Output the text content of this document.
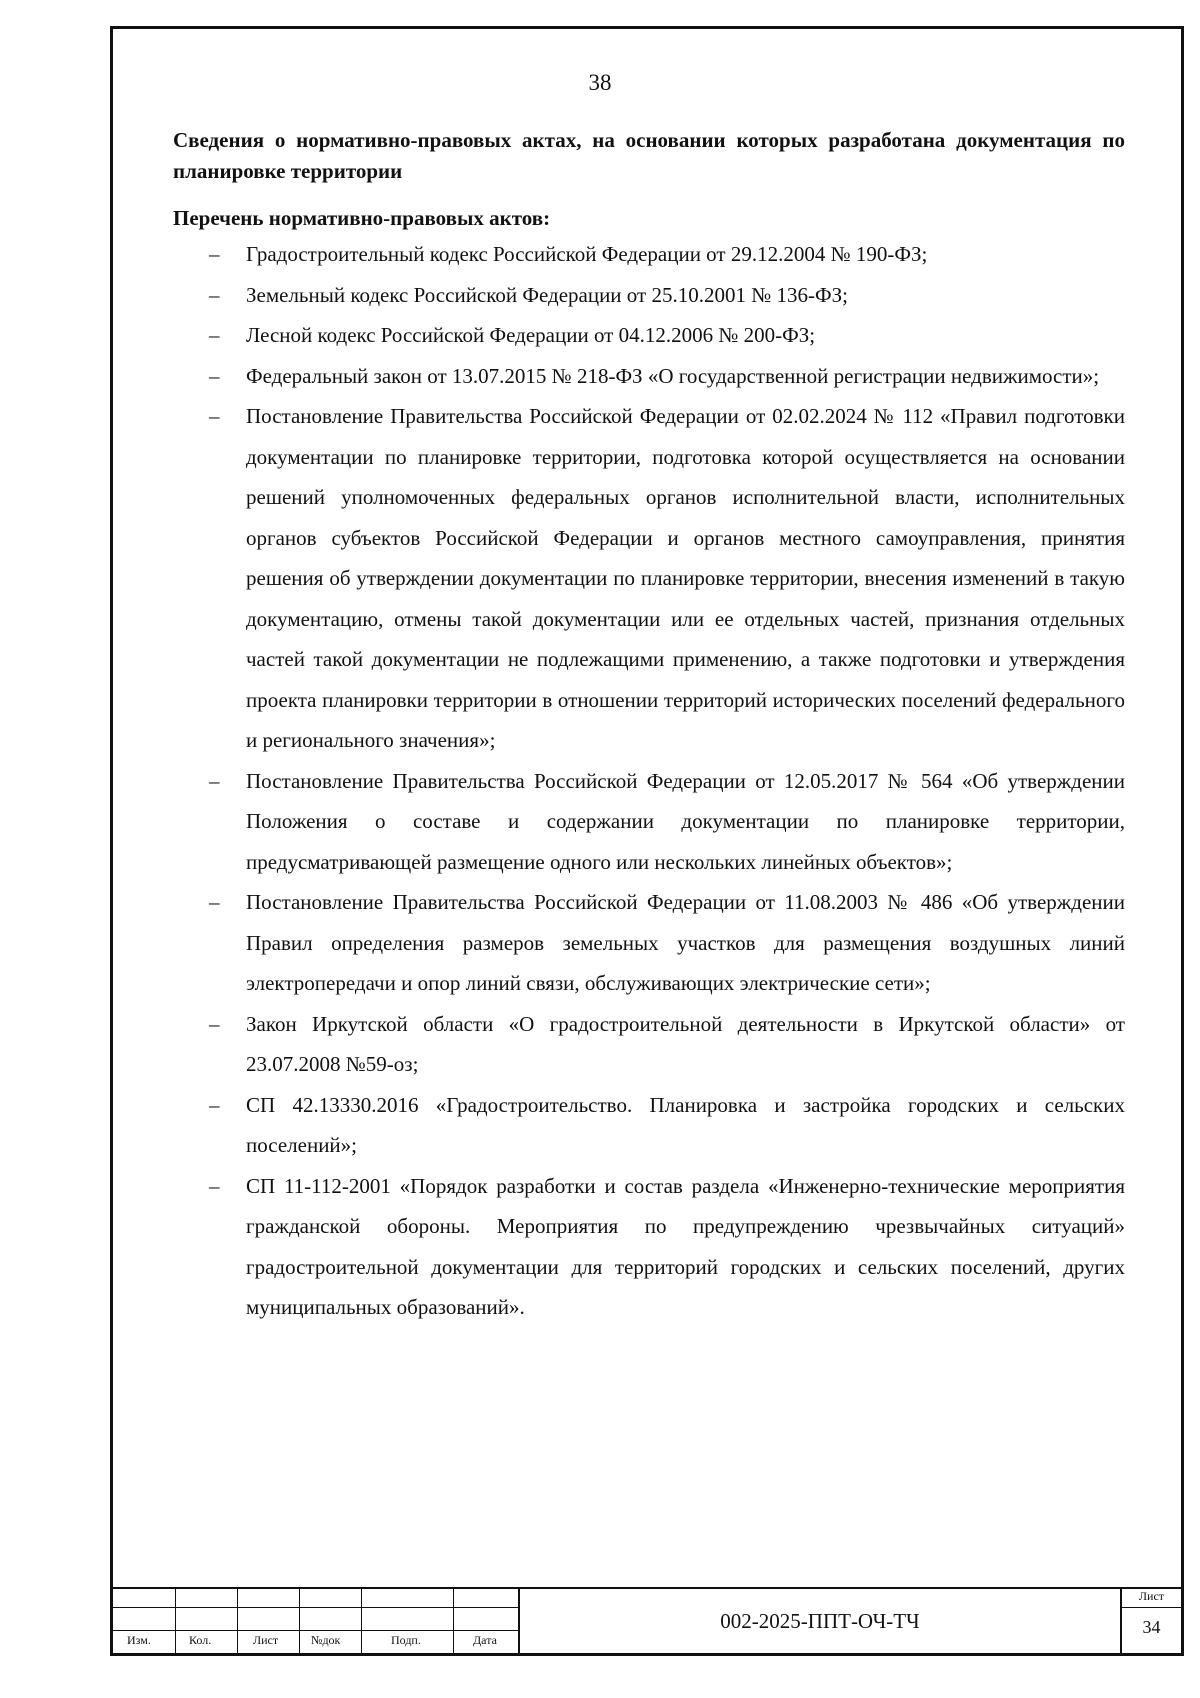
38

Сведения о нормативно-правовых актах, на основании которых разработана документация по планировке территории

Перечень нормативно-правовых актов:

– Градостроительный кодекс Российской Федерации от 29.12.2004 № 190-ФЗ;
– Земельный кодекс Российской Федерации от 25.10.2001 № 136-ФЗ;
– Лесной кодекс Российской Федерации от 04.12.2006 № 200-ФЗ;
– Федеральный закон от 13.07.2015 № 218-ФЗ «О государственной регистрации недвижимости»;
– Постановление Правительства Российской Федерации от 02.02.2024 № 112 «Правил подготовки документации по планировке территории, подготовка которой осуществляется на основании решений уполномоченных федеральных органов исполнительной власти, исполнительных органов субъектов Российской Федерации и органов местного самоуправления, принятия решения об утверждении документации по планировке территории, внесения изменений в такую документацию, отмены такой документации или ее отдельных частей, признания отдельных частей такой документации не подлежащими применению, а также подготовки и утверждения проекта планировки территории в отношении территорий исторических поселений федерального и регионального значения»;
– Постановление Правительства Российской Федерации от 12.05.2017 № 564 «Об утверждении Положения о составе и содержании документации по планировке территории, предусматривающей размещение одного или нескольких линейных объектов»;
– Постановление Правительства Российской Федерации от 11.08.2003 № 486 «Об утверждении Правил определения размеров земельных участков для размещения воздушных линий электропередачи и опор линий связи, обслуживающих электрические сети»;
– Закон Иркутской области «О градостроительной деятельности в Иркутской области» от 23.07.2008 №59-оз;
– СП 42.13330.2016 «Градостроительство. Планировка и застройка городских и сельских поселений»;
– СП 11-112-2001 «Порядок разработки и состав раздела «Инженерно-технические мероприятия гражданской обороны. Мероприятия по предупреждению чрезвычайных ситуаций» градостроительной документации для территорий городских и сельских поселений, других муниципальных образований».
Изм.	Кол.	Лист	№док	Подп.	Дата
002-2025-ППТ-ОЧ-ТЧ
Лист
34
